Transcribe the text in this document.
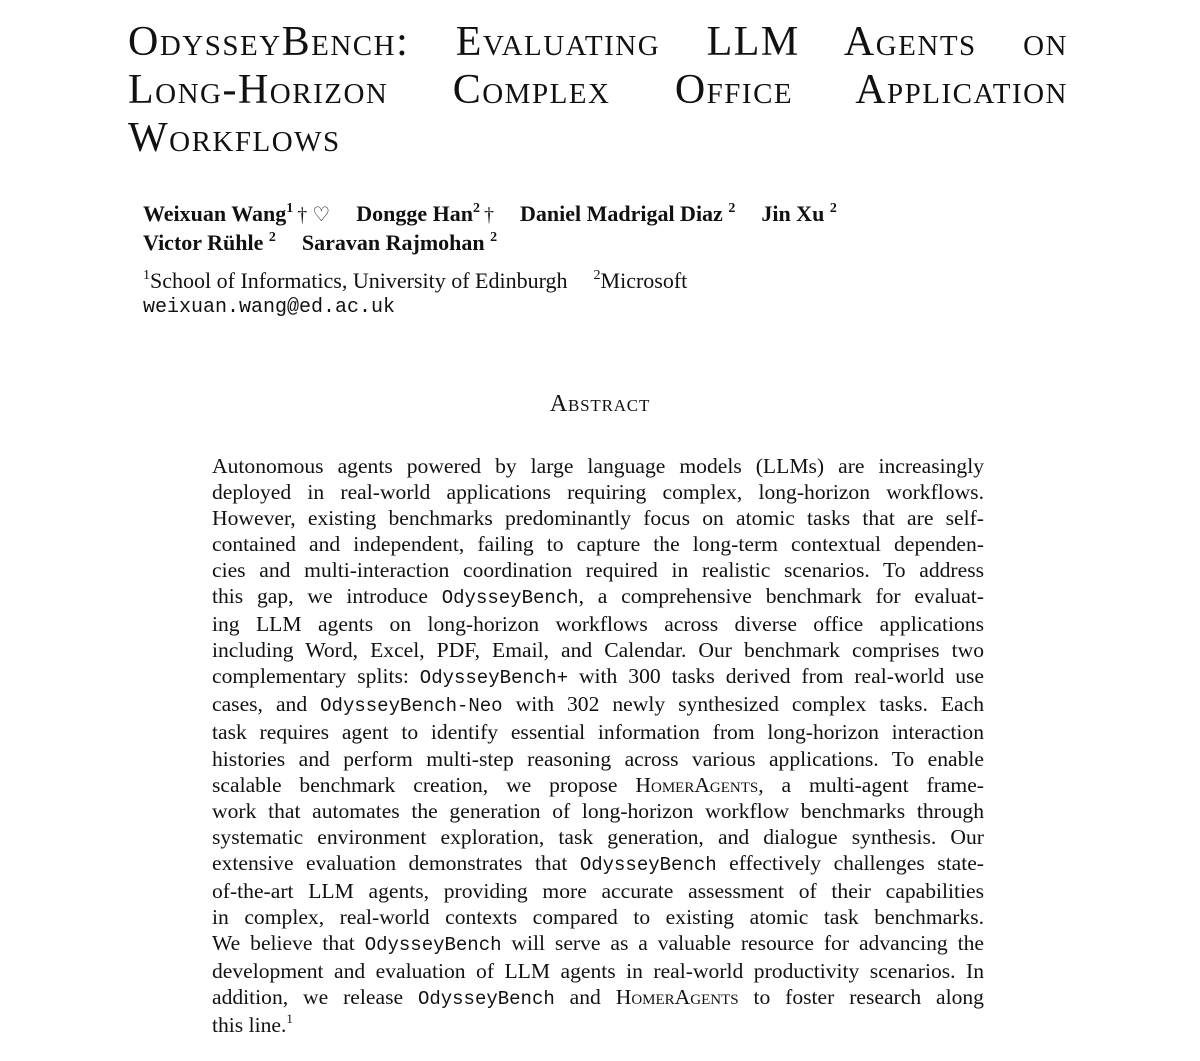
OdysseyBench: Evaluating LLM Agents on
Long-Horizon Complex Office Application
Workflows
Weixuan Wang$^1$ † ♡ Dongge Han$^2$ † Daniel Madrigal Diaz $^2$ Jin Xu $^2$
Victor Rühle $^2$ Saravan Rajmohan $^2$
$^1$School of Informatics, University of Edinburgh $^2$Microsoft
weixuan.wang@ed.ac.uk
Abstract
Autonomous agents powered by large language models (LLMs) are increasingly
deployed in real-world applications requiring complex, long-horizon workflows.
However, existing benchmarks predominantly focus on atomic tasks that are self-
contained and independent, failing to capture the long-term contextual dependen-
cies and multi-interaction coordination required in realistic scenarios. To address
this gap, we introduce OdysseyBench, a comprehensive benchmark for evaluat-
ing LLM agents on long-horizon workflows across diverse office applications
including Word, Excel, PDF, Email, and Calendar. Our benchmark comprises two
complementary splits: OdysseyBench+ with 300 tasks derived from real-world use
cases, and OdysseyBench-Neo with 302 newly synthesized complex tasks. Each
task requires agent to identify essential information from long-horizon interaction
histories and perform multi-step reasoning across various applications. To enable
scalable benchmark creation, we propose HomerAgents, a multi-agent frame-
work that automates the generation of long-horizon workflow benchmarks through
systematic environment exploration, task generation, and dialogue synthesis. Our
extensive evaluation demonstrates that OdysseyBench effectively challenges state-
of-the-art LLM agents, providing more accurate assessment of their capabilities
in complex, real-world contexts compared to existing atomic task benchmarks.
We believe that OdysseyBench will serve as a valuable resource for advancing the
development and evaluation of LLM agents in real-world productivity scenarios. In
addition, we release OdysseyBench and HomerAgents to foster research along
this line.$^1$
